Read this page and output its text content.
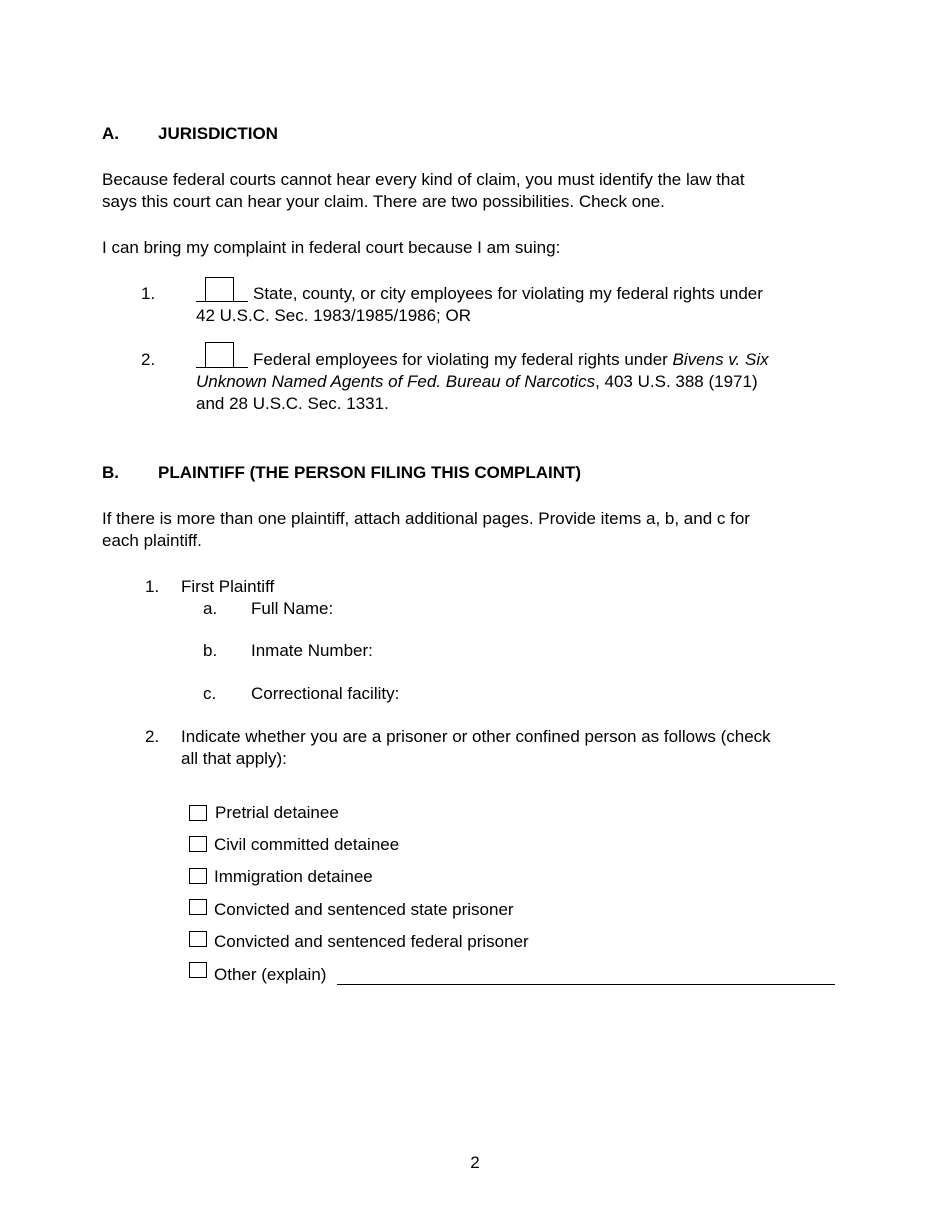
A. JURISDICTION
Because federal courts cannot hear every kind of claim, you must identify the law that
says this court can hear your claim. There are two possibilities. Check one.
I can bring my complaint in federal court because I am suing:
1.	State, county, or city employees for violating my federal rights under
42 U.S.C. Sec. 1983/1985/1986; OR
2.	Federal employees for violating my federal rights under Bivens v. Six
Unknown Named Agents of Fed. Bureau of Narcotics, 403 U.S. 388 (1971)
and 28 U.S.C. Sec. 1331.
B. PLAINTIFF (THE PERSON FILING THIS COMPLAINT)
If there is more than one plaintiff, attach additional pages. Provide items a, b, and c for
each plaintiff.
1. First Plaintiff
a. Full Name:
b. Inmate Number:
c. Correctional facility:
2. Indicate whether you are a prisoner or other confined person as follows (check
all that apply):
Pretrial detainee
Civil committed detainee
Immigration detainee
Convicted and sentenced state prisoner
Convicted and sentenced federal prisoner
Other (explain)
2
